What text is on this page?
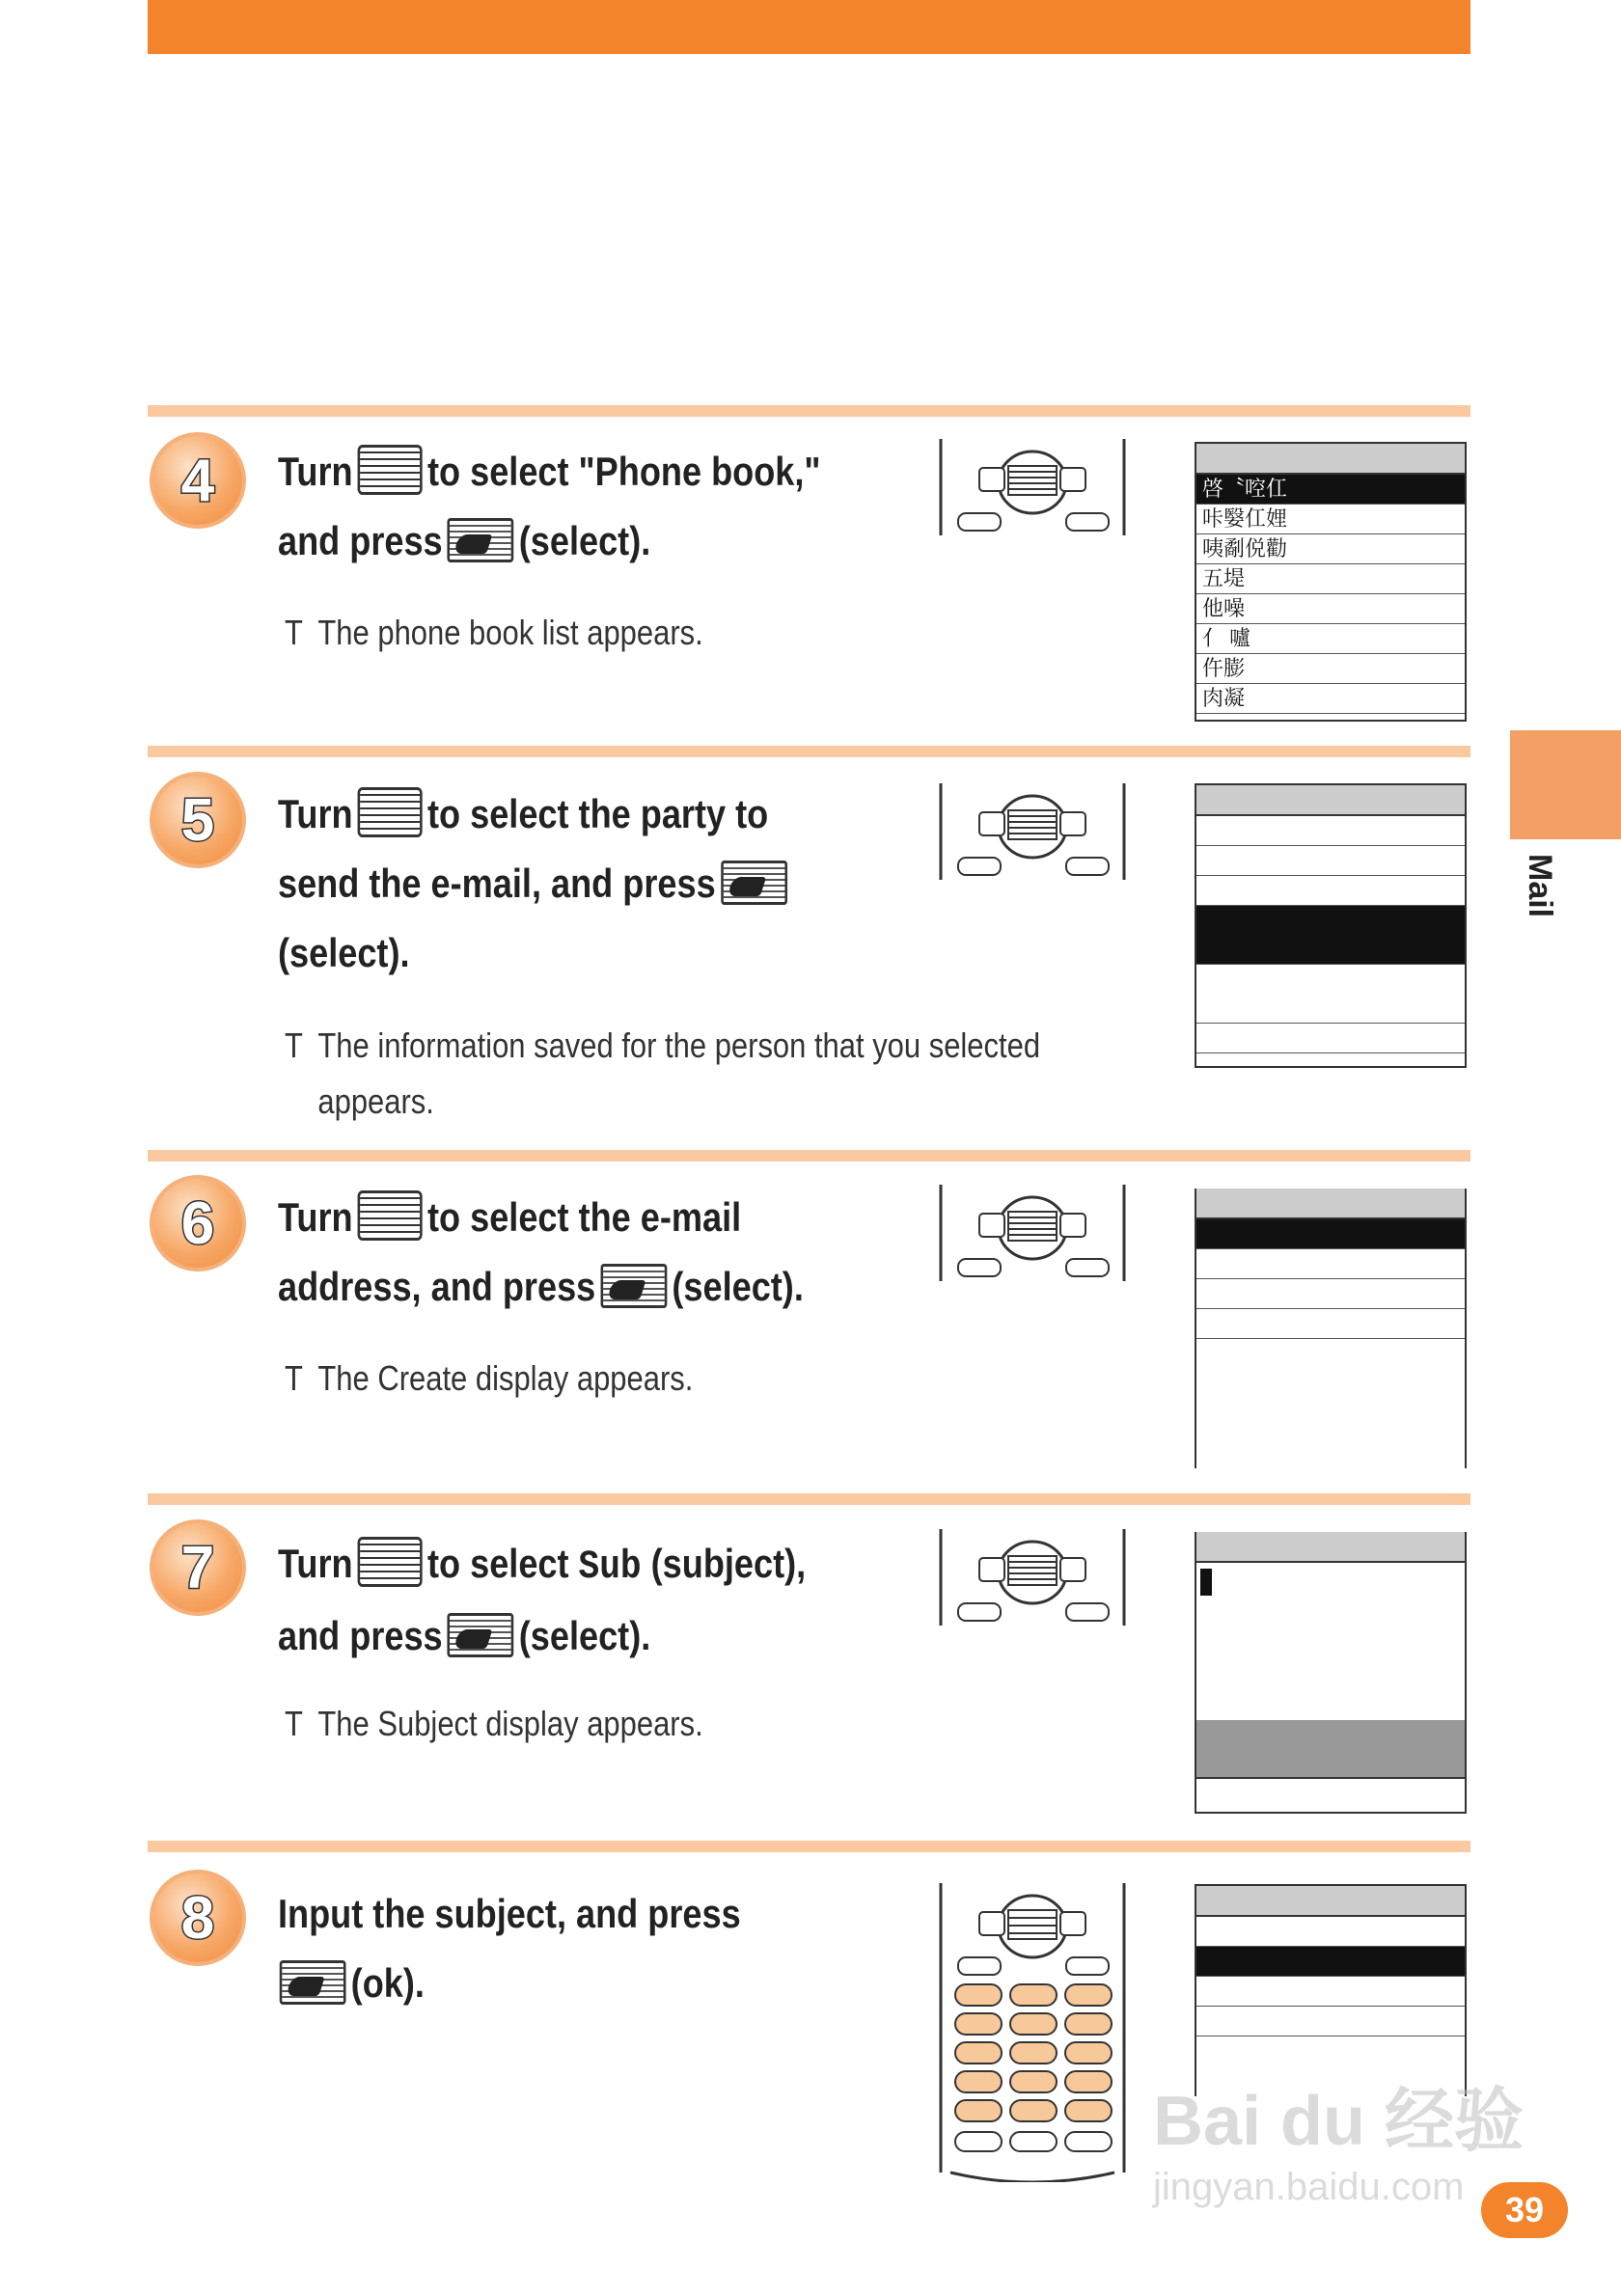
Mail
4 Turn to select "Phone book,"
and press (select).
T The phone book list appears.
啓〝啌仜
咔嫛仜娌
咦劀侻勸
五堤
他噪
亻 嚧
仵膨
肉凝
5 Turn to select the party to
send the e-mail, and press
(select).
T The information saved for the person that you selected
appears.
6 Turn to select the e-mail
address, and press (select).
T The Create display appears.
7 Turn to select Sub (subject),
and press (select).
T The Subject display appears.
8 Input the subject, and press
(ok).
Bai du 经验
jingyan.baidu.com
39
